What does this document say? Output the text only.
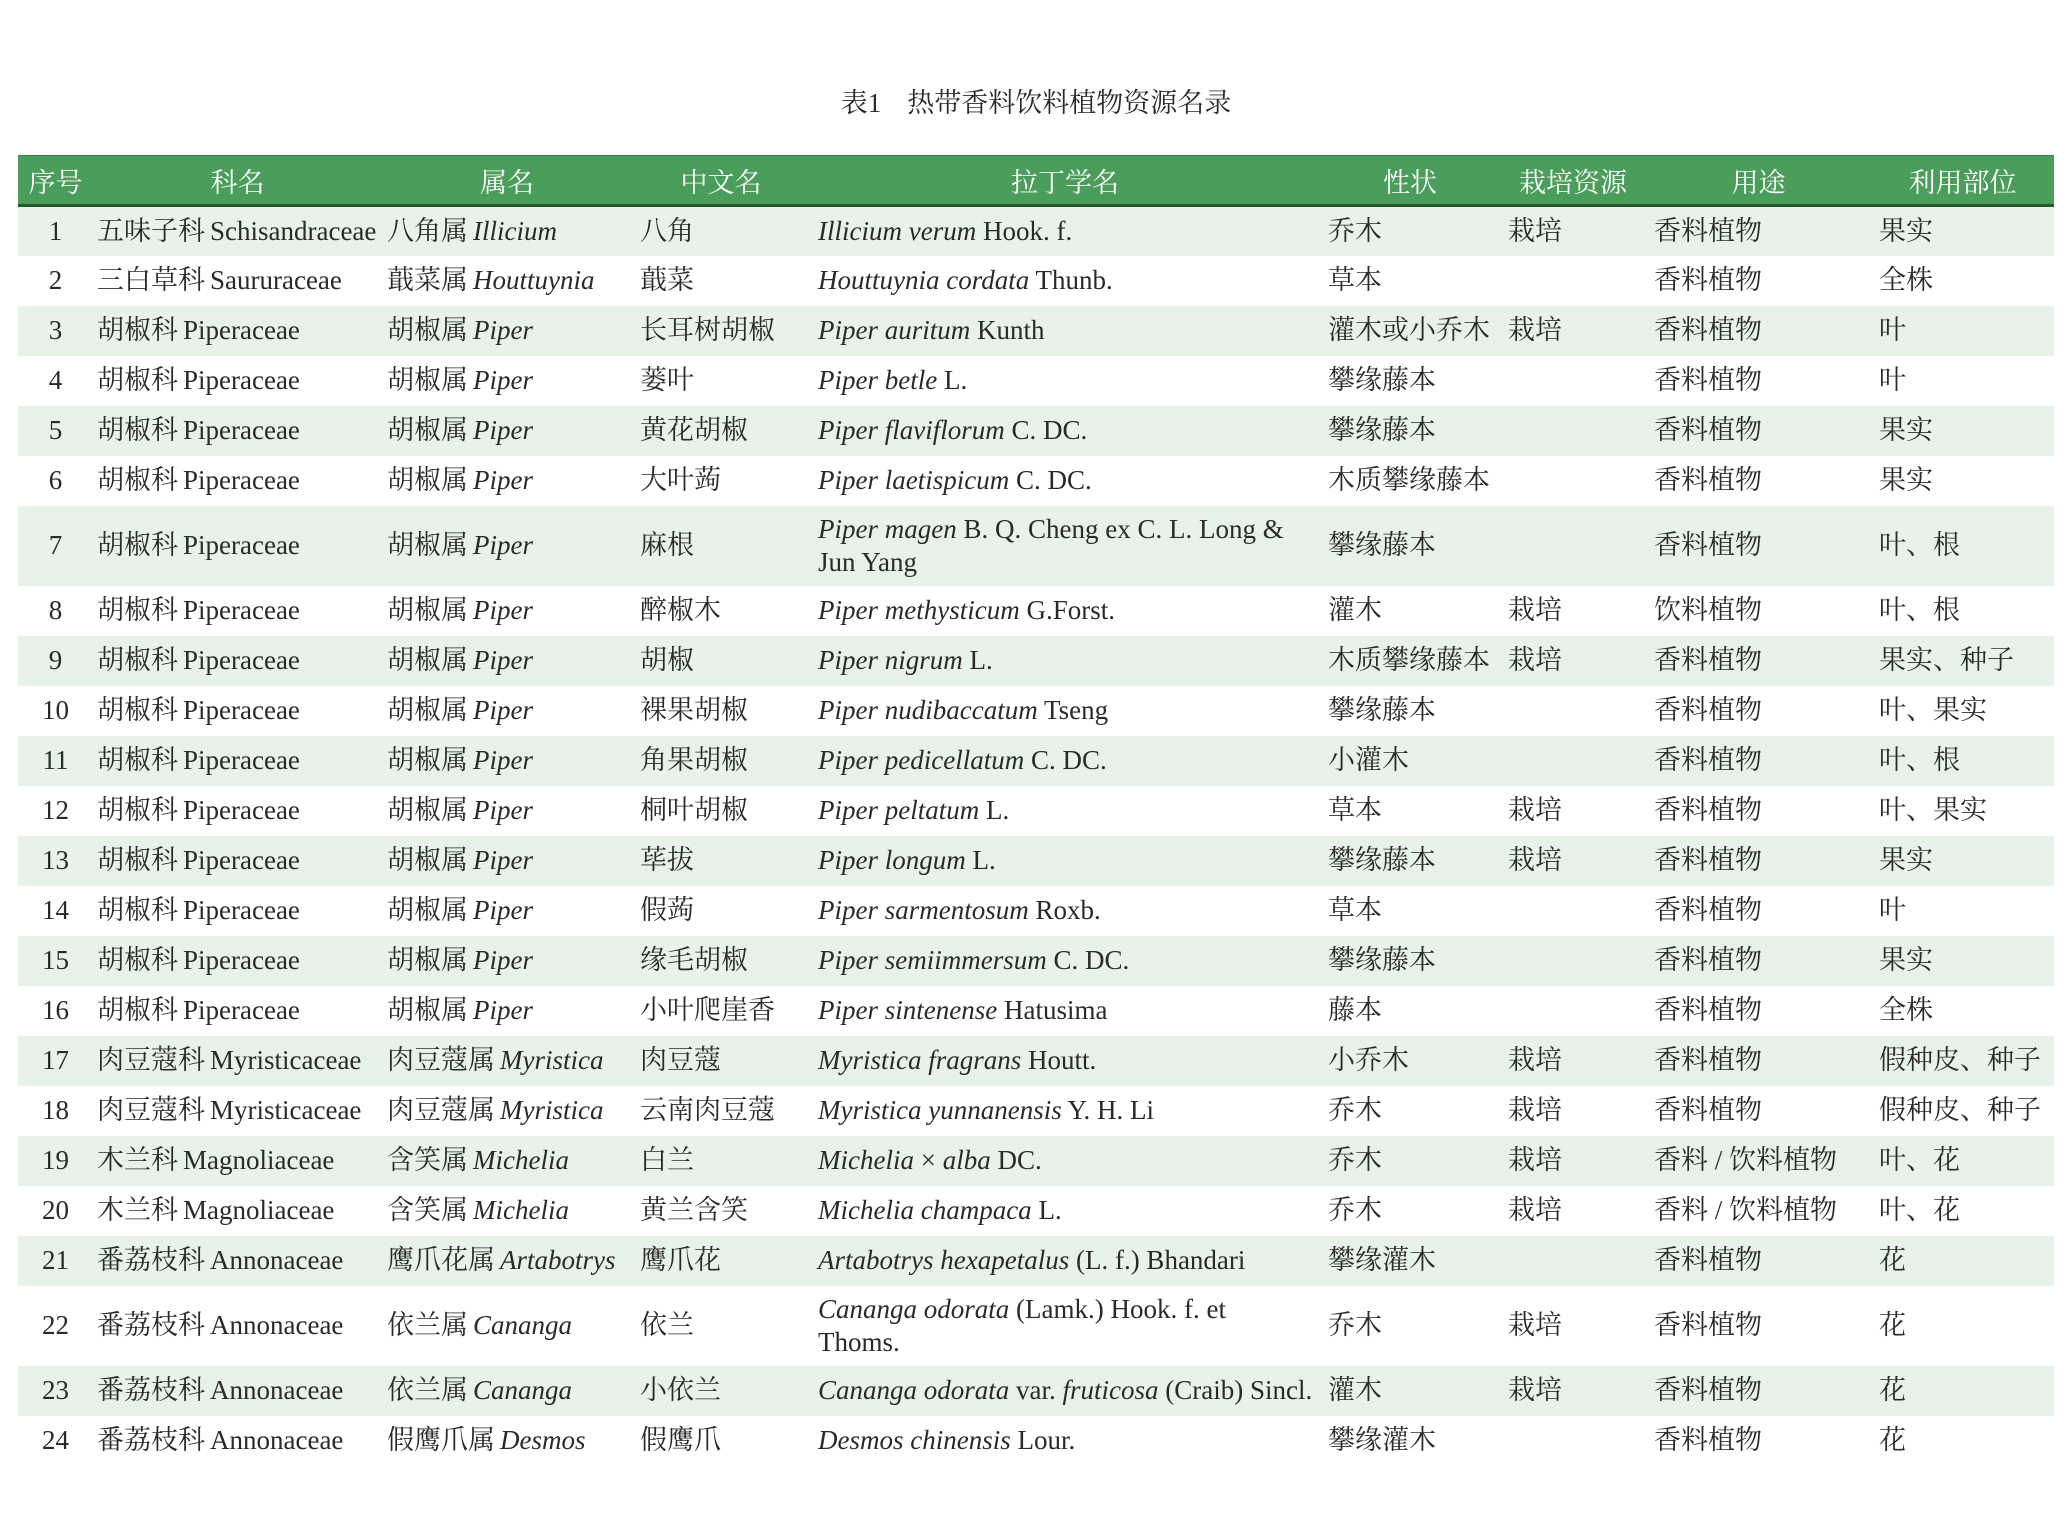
表1 热带香料饮料植物资源名录
序号	科名	属名	中文名	拉丁学名	性状	栽培资源	用途	利用部位
1	五味子科 Schisandraceae	八角属 Illicium	八角	Illicium verum Hook. f.	乔木	栽培	香料植物	果实
2	三白草科 Saururaceae	蕺菜属 Houttuynia	蕺菜	Houttuynia cordata Thunb.	草本		香料植物	全株
3	胡椒科 Piperaceae	胡椒属 Piper	长耳树胡椒	Piper auritum Kunth	灌木或小乔木	栽培	香料植物	叶
4	胡椒科 Piperaceae	胡椒属 Piper	蒌叶	Piper betle L.	攀缘藤本		香料植物	叶
5	胡椒科 Piperaceae	胡椒属 Piper	黄花胡椒	Piper flaviflorum C. DC.	攀缘藤本		香料植物	果实
6	胡椒科 Piperaceae	胡椒属 Piper	大叶蒟	Piper laetispicum C. DC.	木质攀缘藤本		香料植物	果实
7	胡椒科 Piperaceae	胡椒属 Piper	麻根	Piper magen B. Q. Cheng ex C. L. Long & Jun Yang	攀缘藤本		香料植物	叶、根
8	胡椒科 Piperaceae	胡椒属 Piper	醉椒木	Piper methysticum G.Forst.	灌木	栽培	饮料植物	叶、根
9	胡椒科 Piperaceae	胡椒属 Piper	胡椒	Piper nigrum L.	木质攀缘藤本	栽培	香料植物	果实、种子
10	胡椒科 Piperaceae	胡椒属 Piper	裸果胡椒	Piper nudibaccatum Tseng	攀缘藤本		香料植物	叶、果实
11	胡椒科 Piperaceae	胡椒属 Piper	角果胡椒	Piper pedicellatum C. DC.	小灌木		香料植物	叶、根
12	胡椒科 Piperaceae	胡椒属 Piper	桐叶胡椒	Piper peltatum L.	草本	栽培	香料植物	叶、果实
13	胡椒科 Piperaceae	胡椒属 Piper	荜拔	Piper longum L.	攀缘藤本	栽培	香料植物	果实
14	胡椒科 Piperaceae	胡椒属 Piper	假蒟	Piper sarmentosum Roxb.	草本		香料植物	叶
15	胡椒科 Piperaceae	胡椒属 Piper	缘毛胡椒	Piper semiimmersum C. DC.	攀缘藤本		香料植物	果实
16	胡椒科 Piperaceae	胡椒属 Piper	小叶爬崖香	Piper sintenense Hatusima	藤本		香料植物	全株
17	肉豆蔻科 Myristicaceae	肉豆蔻属 Myristica	肉豆蔻	Myristica fragrans Houtt.	小乔木	栽培	香料植物	假种皮、种子
18	肉豆蔻科 Myristicaceae	肉豆蔻属 Myristica	云南肉豆蔻	Myristica yunnanensis Y. H. Li	乔木	栽培	香料植物	假种皮、种子
19	木兰科 Magnoliaceae	含笑属 Michelia	白兰	Michelia × alba DC.	乔木	栽培	香料 / 饮料植物	叶、花
20	木兰科 Magnoliaceae	含笑属 Michelia	黄兰含笑	Michelia champaca L.	乔木	栽培	香料 / 饮料植物	叶、花
21	番荔枝科 Annonaceae	鹰爪花属 Artabotrys	鹰爪花	Artabotrys hexapetalus (L. f.) Bhandari	攀缘灌木		香料植物	花
22	番荔枝科 Annonaceae	依兰属 Cananga	依兰	Cananga odorata (Lamk.) Hook. f. et Thoms.	乔木	栽培	香料植物	花
23	番荔枝科 Annonaceae	依兰属 Cananga	小依兰	Cananga odorata var. fruticosa (Craib) Sincl.	灌木	栽培	香料植物	花
24	番荔枝科 Annonaceae	假鹰爪属 Desmos	假鹰爪	Desmos chinensis Lour.	攀缘灌木		香料植物	花
